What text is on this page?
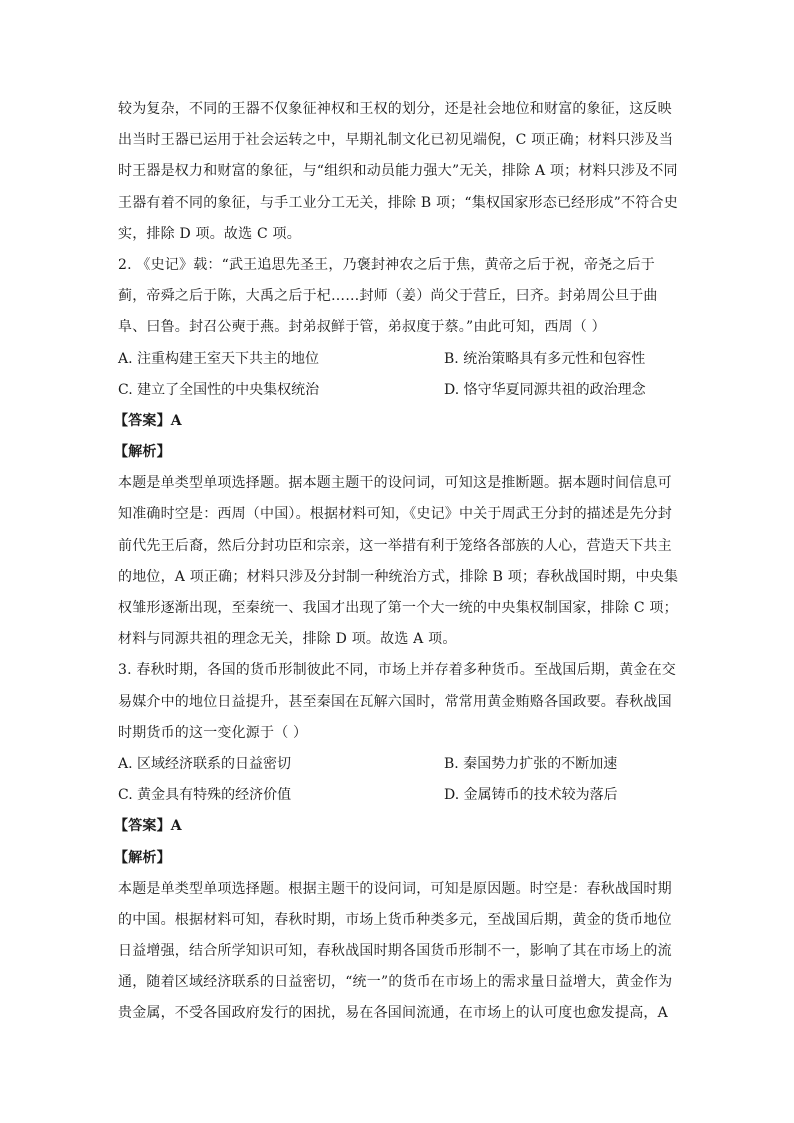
较为复杂，不同的王器不仅象征神权和王权的划分，还是社会地位和财富的象征，这反映
出当时王器已运用于社会运转之中，早期礼制文化已初见端倪，C 项正确；材料只涉及当
时王器是权力和财富的象征，与“组织和动员能力强大”无关，排除 A 项；材料只涉及不同
王器有着不同的象征，与手工业分工无关，排除 B 项；“集权国家形态已经形成”不符合史
实，排除 D 项。故选 C 项。
2. 《史记》载：“武王追思先圣王，乃褒封神农之后于焦，黄帝之后于祝，帝尧之后于
蓟，帝舜之后于陈，大禹之后于杞……封师（姜）尚父于营丘，曰齐。封弟周公旦于曲
阜、曰鲁。封召公奭于燕。封弟叔鲜于管，弟叔度于蔡。”由此可知，西周（ ）
A. 注重构建王室天下共主的地位	B. 统治策略具有多元性和包容性
C. 建立了全国性的中央集权统治	D. 恪守华夏同源共祖的政治理念
【答案】A
【解析】
本题是单类型单项选择题。据本题主题干的设问词，可知这是推断题。据本题时间信息可
知准确时空是：西周（中国）。根据材料可知，《史记》中关于周武王分封的描述是先分封
前代先王后裔，然后分封功臣和宗亲，这一举措有利于笼络各部族的人心，营造天下共主
的地位，A 项正确；材料只涉及分封制一种统治方式，排除 B 项；春秋战国时期，中央集
权雏形逐渐出现，至秦统一、我国才出现了第一个大一统的中央集权制国家，排除 C 项；
材料与同源共祖的理念无关，排除 D 项。故选 A 项。
3. 春秋时期，各国的货币形制彼此不同，市场上并存着多种货币。至战国后期，黄金在交
易媒介中的地位日益提升，甚至秦国在瓦解六国时，常常用黄金贿赂各国政要。春秋战国
时期货币的这一变化源于（ ）
A. 区域经济联系的日益密切	B. 秦国势力扩张的不断加速
C. 黄金具有特殊的经济价值	D. 金属铸币的技术较为落后
【答案】A
【解析】
本题是单类型单项选择题。根据主题干的设问词，可知是原因题。时空是：春秋战国时期
的中国。根据材料可知，春秋时期，市场上货币种类多元，至战国后期，黄金的货币地位
日益增强，结合所学知识可知，春秋战国时期各国货币形制不一，影响了其在市场上的流
通，随着区域经济联系的日益密切，“统一”的货币在市场上的需求量日益增大，黄金作为
贵金属，不受各国政府发行的困扰，易在各国间流通，在市场上的认可度也愈发提高，A
